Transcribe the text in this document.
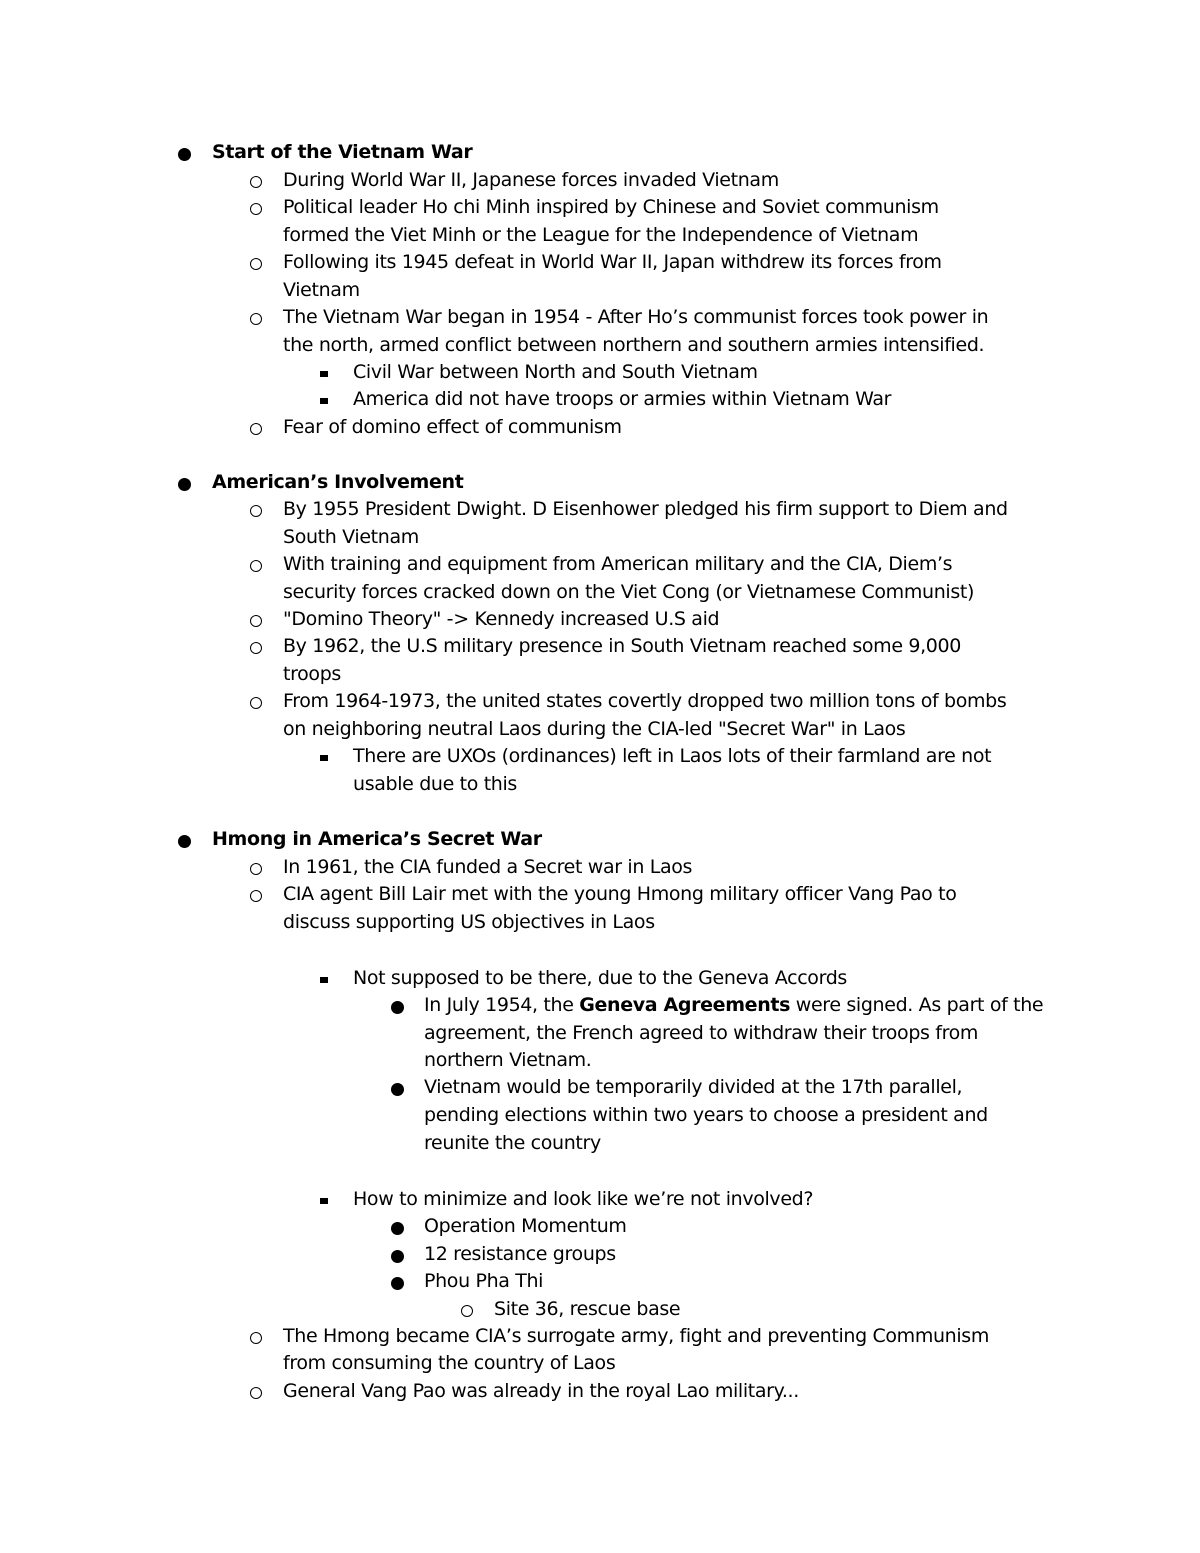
Start of the Vietnam War
During World War II, Japanese forces invaded Vietnam
Political leader Ho chi Minh inspired by Chinese and Soviet communism
formed the Viet Minh or the League for the Independence of Vietnam
Following its 1945 defeat in World War II, Japan withdrew its forces from
Vietnam
The Vietnam War began in 1954 - After Ho’s communist forces took power in
the north, armed conflict between northern and southern armies intensified.
Civil War between North and South Vietnam
America did not have troops or armies within Vietnam War
Fear of domino effect of communism
American’s Involvement
By 1955 President Dwight. D Eisenhower pledged his firm support to Diem and
South Vietnam
With training and equipment from American military and the CIA, Diem’s
security forces cracked down on the Viet Cong (or Vietnamese Communist)
"Domino Theory" -> Kennedy increased U.S aid
By 1962, the U.S military presence in South Vietnam reached some 9,000
troops
From 1964-1973, the united states covertly dropped two million tons of bombs
on neighboring neutral Laos during the CIA-led "Secret War" in Laos
There are UXOs (ordinances) left in Laos lots of their farmland are not
usable due to this
Hmong in America’s Secret War
In 1961, the CIA funded a Secret war in Laos
CIA agent Bill Lair met with the young Hmong military officer Vang Pao to
discuss supporting US objectives in Laos
Not supposed to be there, due to the Geneva Accords
In July 1954, the Geneva Agreements were signed. As part of the
agreement, the French agreed to withdraw their troops from
northern Vietnam.
Vietnam would be temporarily divided at the 17th parallel,
pending elections within two years to choose a president and
reunite the country
How to minimize and look like we’re not involved?
Operation Momentum
12 resistance groups
Phou Pha Thi
Site 36, rescue base
The Hmong became CIA’s surrogate army, fight and preventing Communism
from consuming the country of Laos
General Vang Pao was already in the royal Lao military...
